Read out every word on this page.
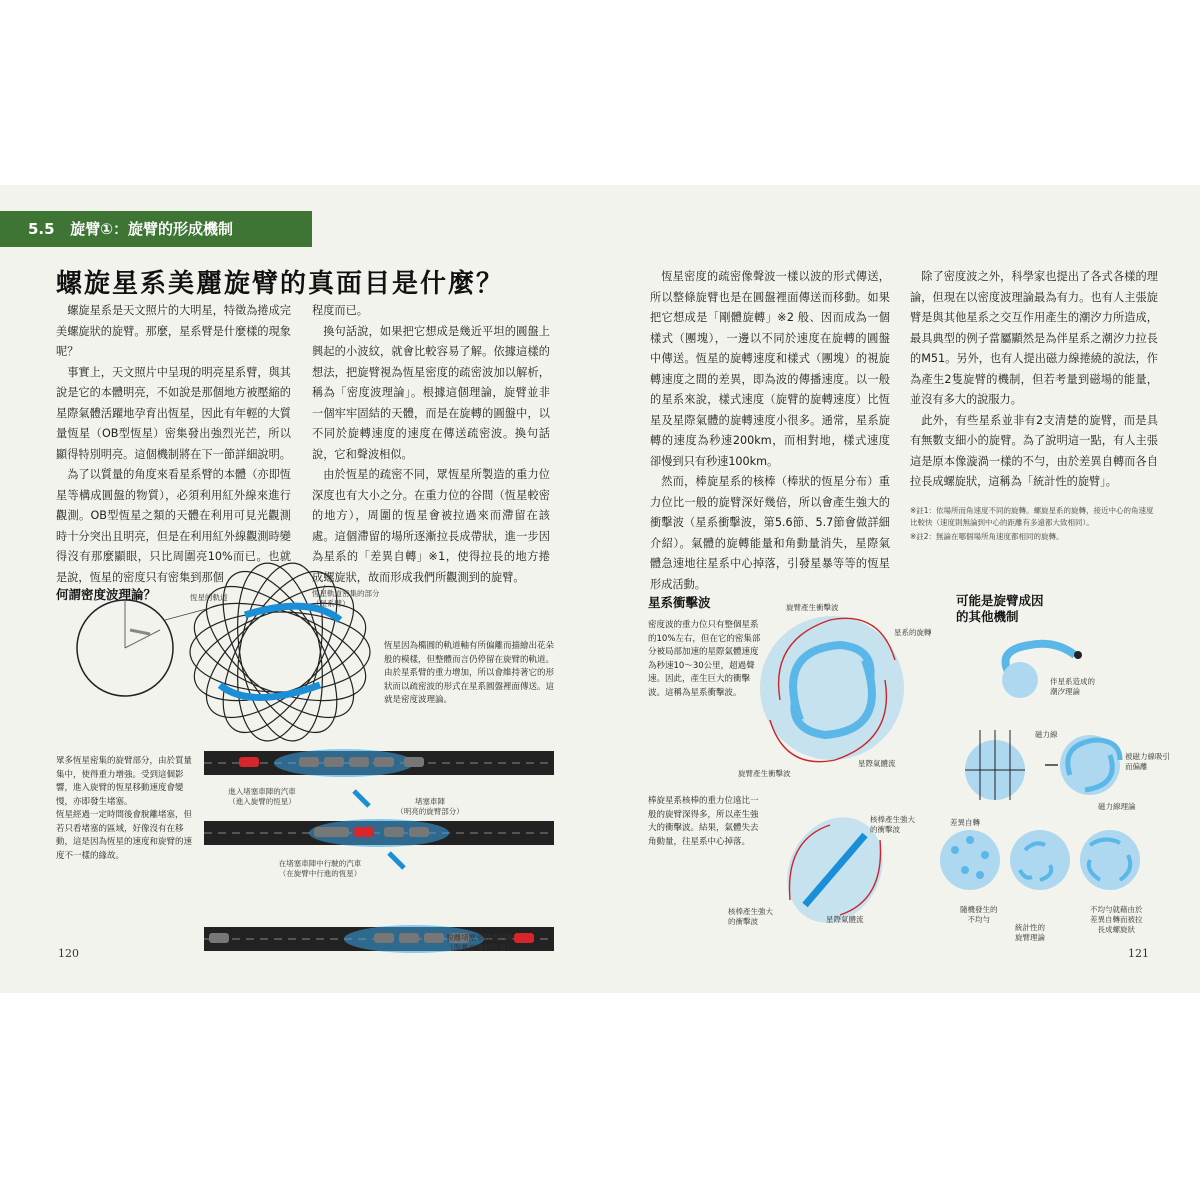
5.5 旋臂①：旋臂的形成機制
螺旋星系美麗旋臂的真面目是什麼？

螺旋星系是天文照片的大明星，特徵為捲成完美螺旋狀的旋臂。那麼，星系臂是什麼樣的現象呢？

事實上，天文照片中呈現的明亮星系臂，與其說是它的本體明亮，不如說是那個地方被壓縮的星際氣體活躍地孕育出恆星，因此有年輕的大質量恆星（OB型恆星）密集發出強烈光芒，所以顯得特別明亮。這個機制將在下一節詳細說明。

為了以質量的角度來看星系臂的本體（亦即恆星等構成圓盤的物質），必須利用紅外線來進行觀測。OB型恆星之類的天體在利用可見光觀測時十分突出且明亮，但是在利用紅外線觀測時變得沒有那麼顯眼，只比周圍亮10%而已。也就是說，恆星的密度只有密集到那個

程度而已。

換句話說，如果把它想成是幾近平坦的圓盤上興起的小波紋，就會比較容易了解。依據這樣的想法，把旋臂視為恆星密度的疏密波加以解析，稱為「密度波理論」。根據這個理論，旋臂並非一個牢牢固結的天體，而是在旋轉的圓盤中，以不同於旋轉速度的速度在傳送疏密波。換句話說，它和聲波相似。

由於恆星的疏密不同，眾恆星所製造的重力位深度也有大小之分。在重力位的谷間（恆星較密的地方），周圍的恆星會被拉過來而滯留在該處。這個滯留的場所逐漸拉長成帶狀，進一步因為星系的「差異自轉」※1，使得拉長的地方捲成螺旋狀，故而形成我們所觀測到的旋臂。

恆星密度的疏密像聲波一樣以波的形式傳送，所以整條旋臂也是在圓盤裡面傳送而移動。如果把它想成是「剛體旋轉」※2 般、因而成為一個樣式（團塊），一邊以不同於速度在旋轉的圓盤中傳送。恆星的旋轉速度和樣式（團塊）的視旋轉速度之間的差異，即為波的傳播速度。以一般的星系來說，樣式速度（旋臂的旋轉速度）比恆星及星際氣體的旋轉速度小很多。通常，星系旋轉的速度為秒速200km，而相對地，樣式速度卻慢到只有秒速100km。

然而，棒旋星系的核棒（棒狀的恆星分布）重力位比一般的旋臂深好幾倍，所以會產生強大的衝擊波（星系衝擊波，第5.6節、5.7節會做詳細介紹）。氣體的旋轉能量和角動量消失，星際氣體急速地往星系中心掉落，引發星暴等等的恆星形成活動。

除了密度波之外，科學家也提出了各式各樣的理論，但現在以密度波理論最為有力。也有人主張旋臂是與其他星系之交互作用產生的潮汐力所造成，最具典型的例子當屬顯然是為伴星系之潮汐力拉長的M51。另外，也有人提出磁力線捲繞的說法，作為產生2隻旋臂的機制，但若考量到磁場的能量，並沒有多大的說服力。

此外，有些星系並非有2支清楚的旋臂，而是具有無數支細小的旋臂。為了說明這一點，有人主張這是原本像漩渦一樣的不勻，由於差異自轉而各自拉長成螺旋狀，這稱為「統計性的旋臂」。

※註1：依場所而角速度不同的旋轉。螺旋星系的旋轉，接近中心的角速度比較快（速度則無論到中心的距離有多遠都大致相同）。
※註2：無論在哪個場所角速度都相同的旋轉。
何謂密度波理論？	恆星的軌道	恆星軌道密集的部分
（星系臂）
恆星因為橢圓的軌道軸有所偏離而描繪出花朵般的模樣，但整體而言仍停留在旋臂的軌道。由於星系臂的重力增加，所以會維持著它的形狀而以疏密波的形式在星系圓盤裡面傳送。這就是密度波理論。
眾多恆星密集的旋臂部分，由於質量集中，使得重力增強。受到這個影響，進入旋臂的恆星移動速度會變慢，亦即發生堵塞。
恆星經過一定時間後會脫離堵塞，但若只看堵塞的區域，好像沒有在移動，這是因為恆星的速度和旋臂的速度不一樣的緣故。
進入堵塞車陣的汽車
（進入旋臂的恆星）	堵塞車陣
（明亮的旋臂部分）
在堵塞車陣中行駛的汽車
（在旋臂中行進的恆星）
脫離堵塞車陣的汽車
（脫離旋臂的恆星）
120
星系衝擊波
密度波的重力位只有整個星系的10%左右，但在它的密集部分被局部加速的星際氣體速度為秒速10〜30公里，超過聲速。因此，產生巨大的衝擊波。這稱為星系衝擊波。
旋臂產生衝擊波
星系的旋轉
星際氣體流
旋臂產生衝擊波
棒旋星系核棒的重力位遠比一般的旋臂深得多，所以產生強大的衝擊波。結果，氣體失去角動量，往星系中心掉落。
核棒產生強大
的衝擊波
核棒產生強大
的衝擊波	星際氣體流
121
可能是旋臂成因
的其他機制
伴星系造成的
潮汐理論
磁力線
被磁力線吸引
而偏離
磁力線理論
差異自轉
隨機發生的
不均勻
不均勻就藉由於
差異自轉而被拉
長成螺旋狀
統計性的
旋臂理論
